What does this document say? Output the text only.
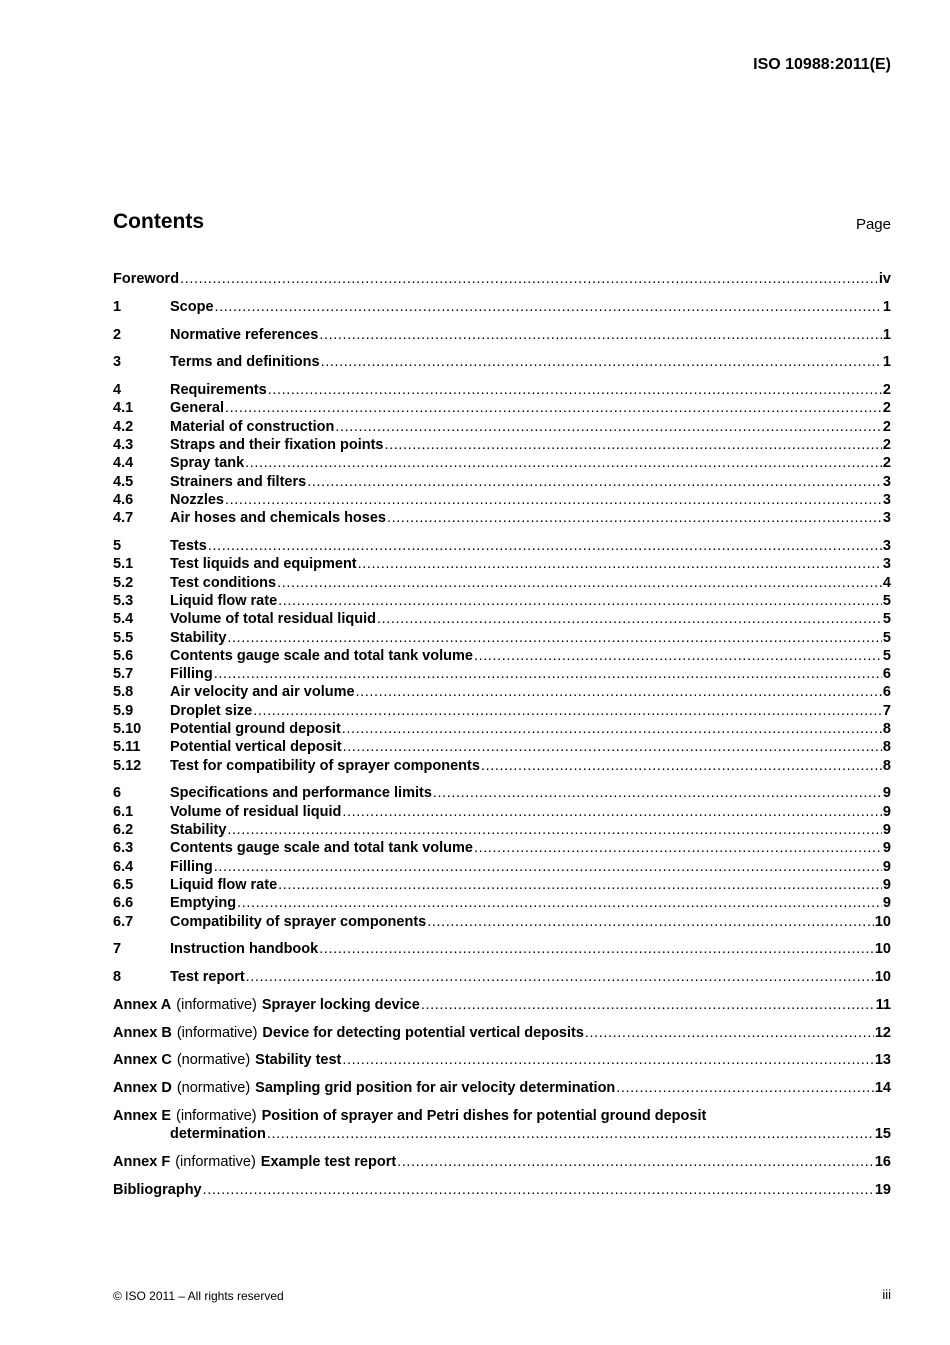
ISO 10988:2011(E)
Contents	Page
Foreword .....	iv
1	Scope .....	1
2	Normative references .....	1
3	Terms and definitions .....	1
4	Requirements .....	2
4.1	General .....	2
4.2	Material of construction .....	2
4.3	Straps and their fixation points .....	2
4.4	Spray tank .....	2
4.5	Strainers and filters .....	3
4.6	Nozzles .....	3
4.7	Air hoses and chemicals hoses .....	3
5	Tests .....	3
5.1	Test liquids and equipment .....	3
5.2	Test conditions .....	4
5.3	Liquid flow rate .....	5
5.4	Volume of total residual liquid .....	5
5.5	Stability .....	5
5.6	Contents gauge scale and total tank volume .....	5
5.7	Filling .....	6
5.8	Air velocity and air volume .....	6
5.9	Droplet size .....	7
5.10	Potential ground deposit .....	8
5.11	Potential vertical deposit .....	8
5.12	Test for compatibility of sprayer components .....	8
6	Specifications and performance limits .....	9
6.1	Volume of residual liquid .....	9
6.2	Stability .....	9
6.3	Contents gauge scale and total tank volume .....	9
6.4	Filling .....	9
6.5	Liquid flow rate .....	9
6.6	Emptying .....	9
6.7	Compatibility of sprayer components .....	10
7	Instruction handbook .....	10
8	Test report .....	10
Annex A (informative) Sprayer locking device .....	11
Annex B (informative) Device for detecting potential vertical deposits .....	12
Annex C (normative) Stability test .....	13
Annex D (normative) Sampling grid position for air velocity determination .....	14
Annex E (informative) Position of sprayer and Petri dishes for potential ground deposit
determination .....	15
Annex F (informative) Example test report .....	16
Bibliography .....	19
© ISO 2011 – All rights reserved	iii
